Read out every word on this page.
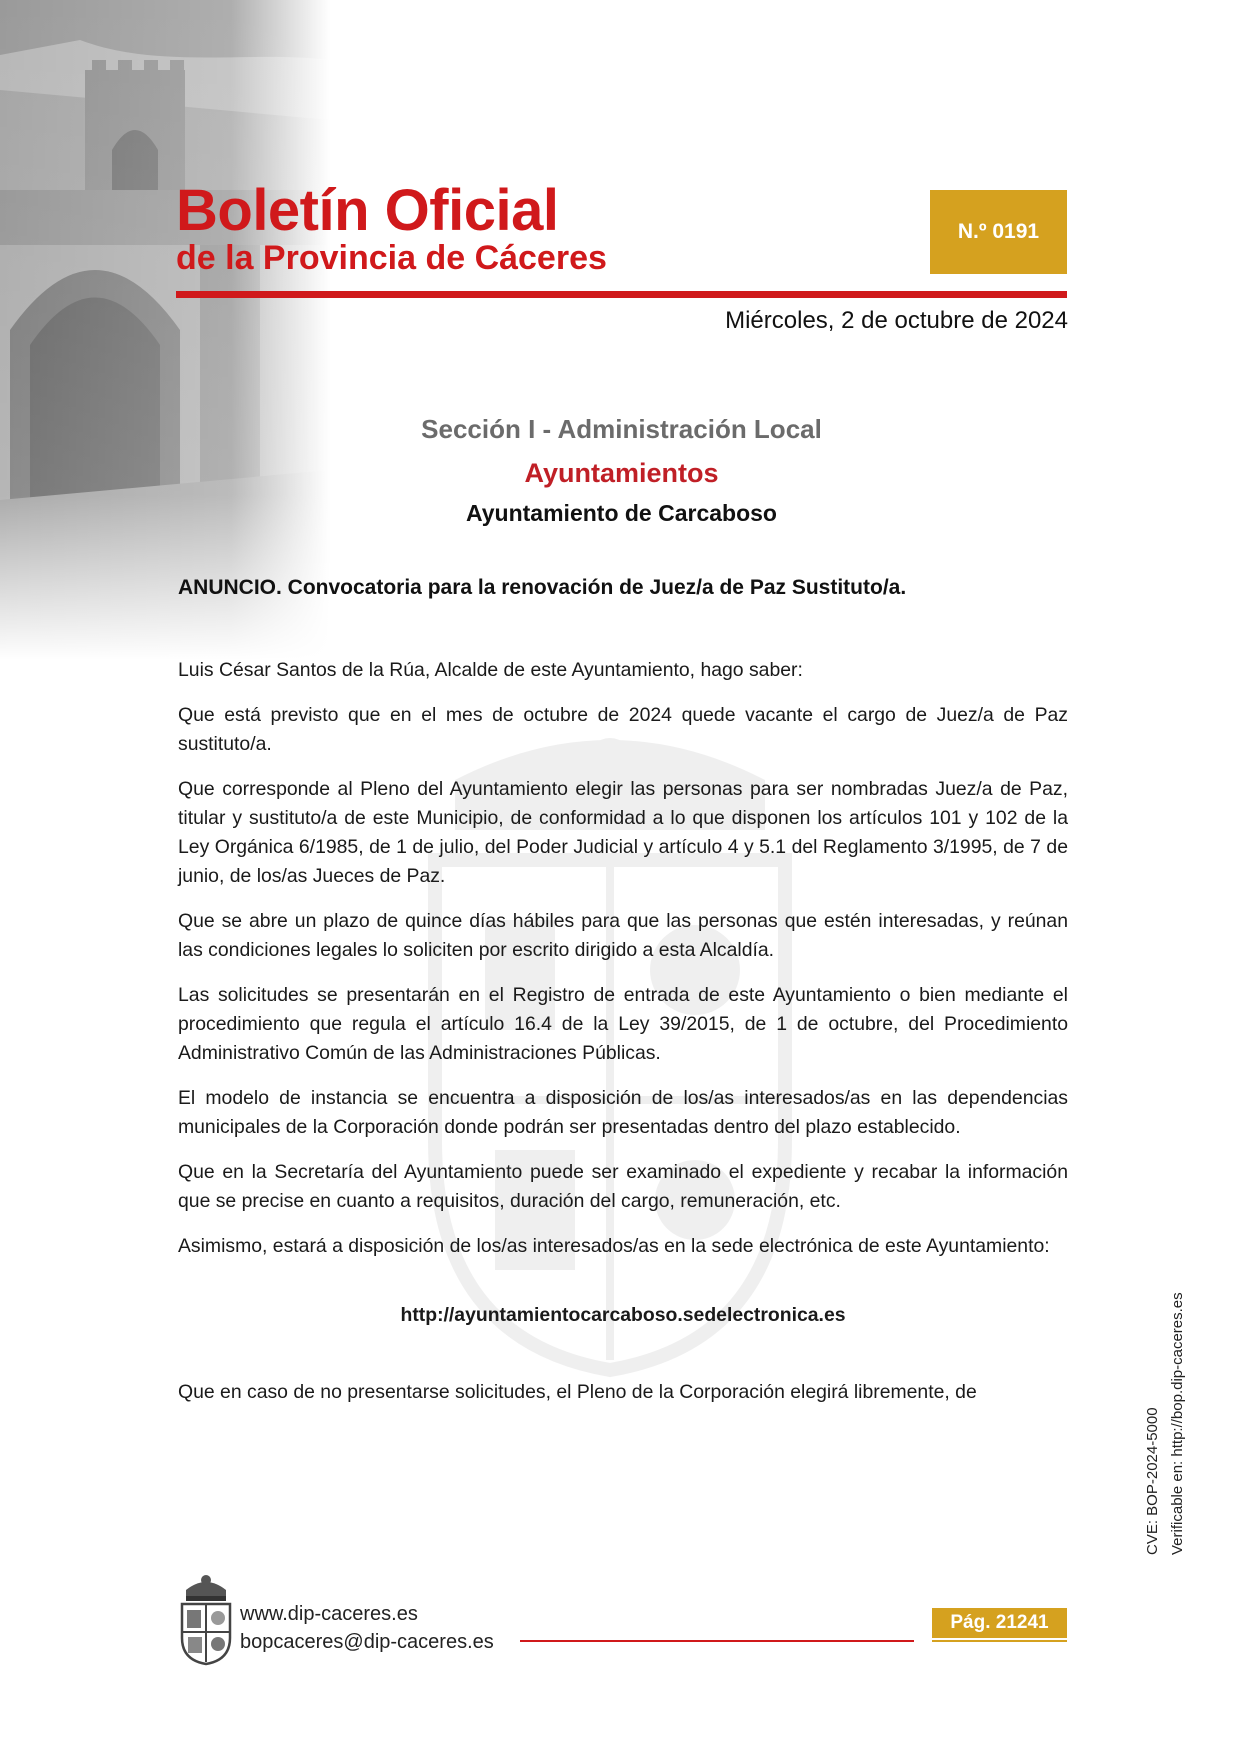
Boletín Oficial
de la Provincia de Cáceres
N.º 0191
Miércoles, 2 de octubre de 2024
Sección I - Administración Local
Ayuntamientos
Ayuntamiento de Carcaboso
ANUNCIO. Convocatoria para la renovación de Juez/a de Paz Sustituto/a.

Luis César Santos de la Rúa, Alcalde de este Ayuntamiento, hago saber:

Que está previsto que en el mes de octubre de 2024 quede vacante el cargo de Juez/a de Paz sustituto/a.

Que corresponde al Pleno del Ayuntamiento elegir las personas para ser nombradas Juez/a de Paz, titular y sustituto/a de este Municipio, de conformidad a lo que disponen los artículos 101 y 102 de la Ley Orgánica 6/1985, de 1 de julio, del Poder Judicial y artículo 4 y 5.1 del Reglamento 3/1995, de 7 de junio, de los/as Jueces de Paz.

Que se abre un plazo de quince días hábiles para que las personas que estén interesadas, y reúnan las condiciones legales lo soliciten por escrito dirigido a esta Alcaldía.

Las solicitudes se presentarán en el Registro de entrada de este Ayuntamiento o bien mediante el procedimiento que regula el artículo 16.4 de la Ley 39/2015, de 1 de octubre, del Procedimiento Administrativo Común de las Administraciones Públicas.

El modelo de instancia se encuentra a disposición de los/as interesados/as en las dependencias municipales de la Corporación donde podrán ser presentadas dentro del plazo establecido.

Que en la Secretaría del Ayuntamiento puede ser examinado el expediente y recabar la información que se precise en cuanto a requisitos, duración del cargo, remuneración, etc.

Asimismo, estará a disposición de los/as interesados/as en la sede electrónica de este Ayuntamiento:

http://ayuntamientocarcaboso.sedelectronica.es

Que en caso de no presentarse solicitudes, el Pleno de la Corporación elegirá libremente, de

CVE: BOP-2024-5000 Verificable en: http://bop.dip-caceres.es
www.dip-caceres.es
bopcaceres@dip-caceres.es
Pág. 21241
